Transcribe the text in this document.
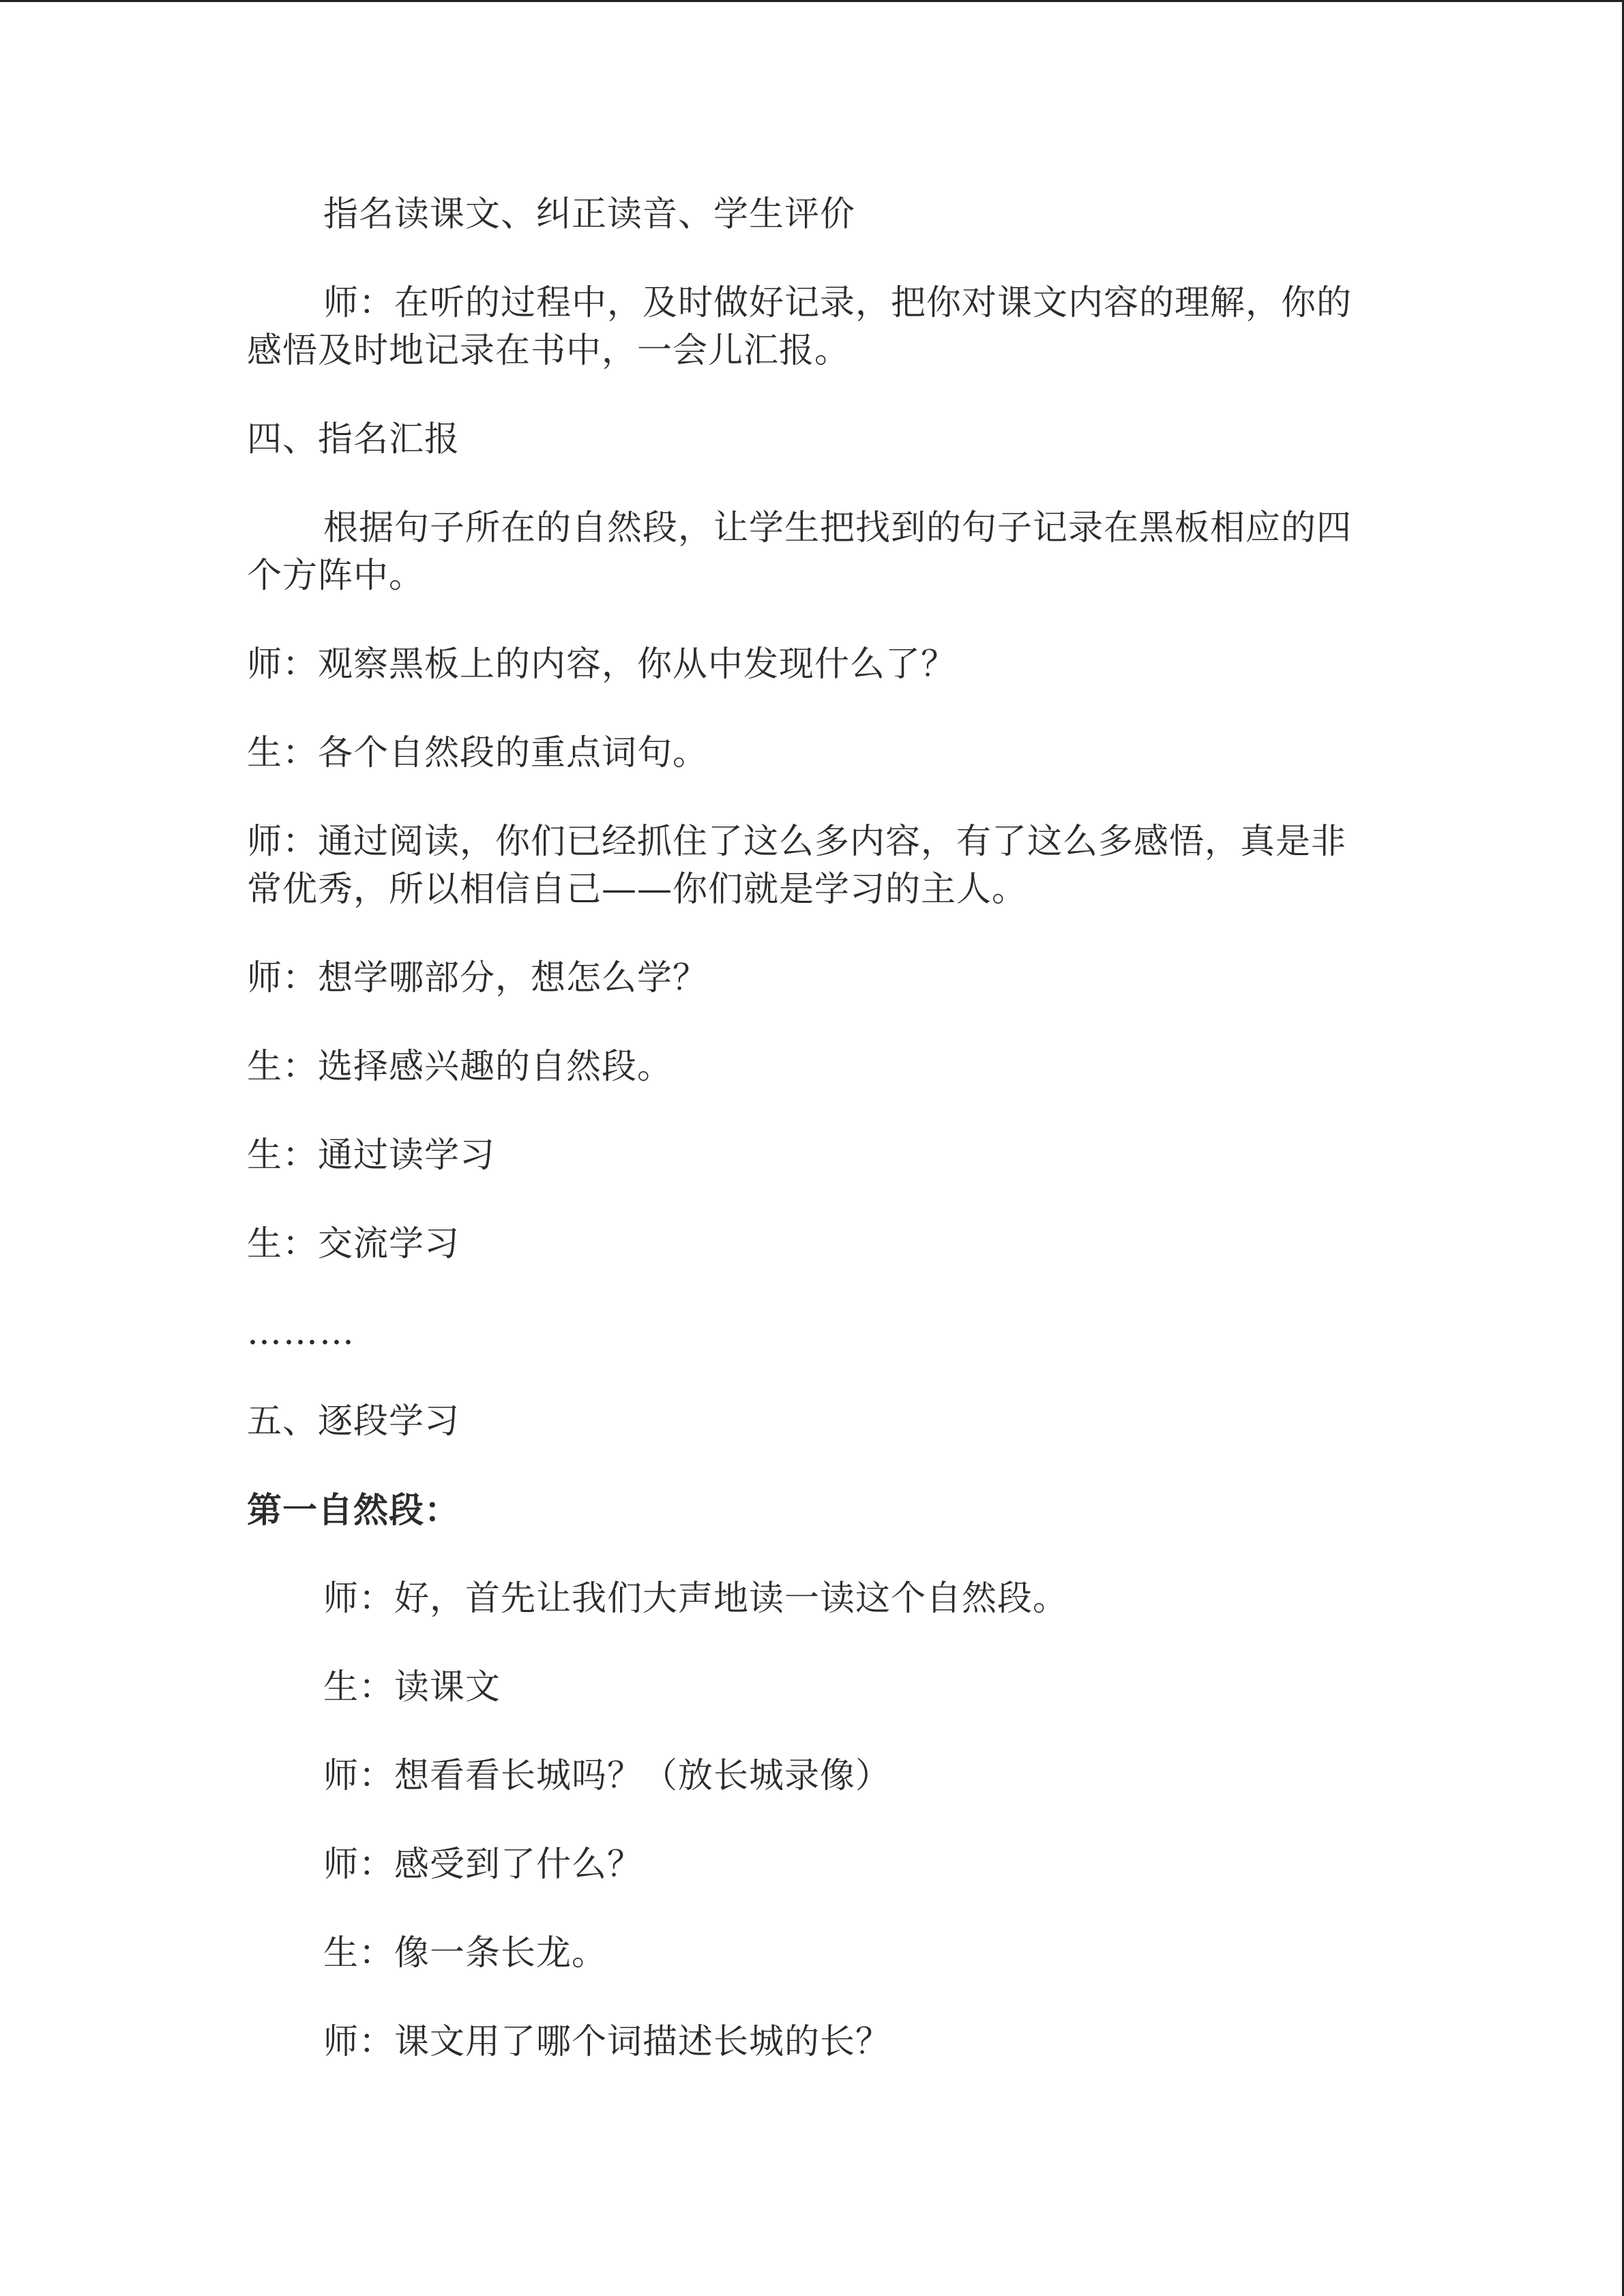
指名读课文、纠正读音、学生评价

师：在听的过程中，及时做好记录，把你对课文内容的理解，你的感悟及时地记录在书中，一会儿汇报。

四、指名汇报

根据句子所在的自然段，让学生把找到的句子记录在黑板相应的四个方阵中。

师：观察黑板上的内容，你从中发现什么了？

生：各个自然段的重点词句。

师：通过阅读，你们已经抓住了这么多内容，有了这么多感悟，真是非常优秀，所以相信自己——你们就是学习的主人。

师：想学哪部分，想怎么学？

生：选择感兴趣的自然段。

生：通过读学习

生：交流学习

………

五、逐段学习

第一自然段：

师：好，首先让我们大声地读一读这个自然段。

生：读课文

师：想看看长城吗？（放长城录像）

师：感受到了什么？

生：像一条长龙。

师：课文用了哪个词描述长城的长？
